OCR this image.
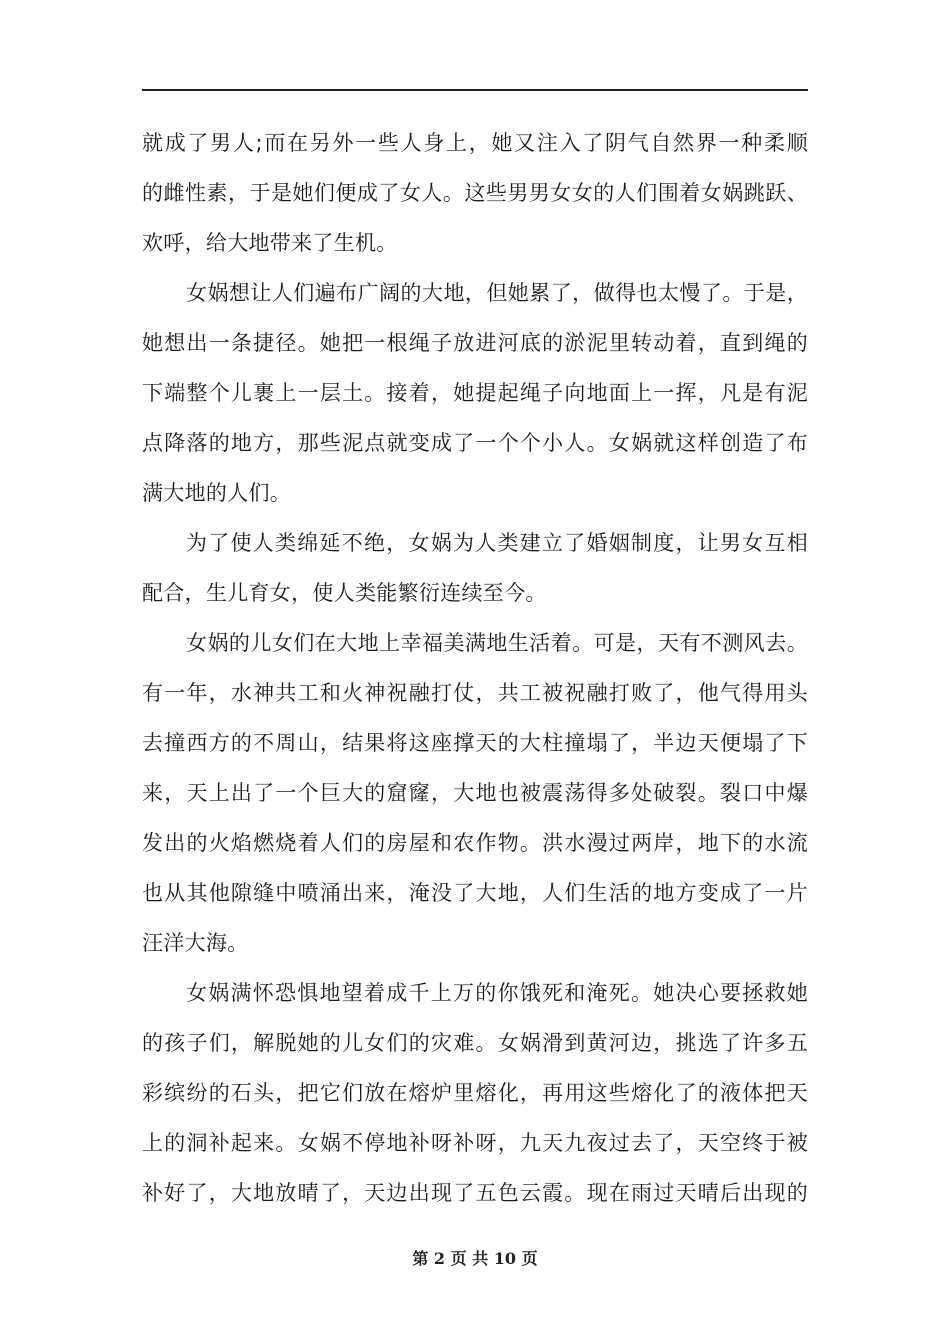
就成了男人;而在另外一些人身上，她又注入了阴气自然界一种柔顺
的雌性素，于是她们便成了女人。这些男男女女的人们围着女娲跳跃、
欢呼，给大地带来了生机。
女娲想让人们遍布广阔的大地，但她累了，做得也太慢了。于是，
她想出一条捷径。她把一根绳子放进河底的淤泥里转动着，直到绳的
下端整个儿裹上一层土。接着，她提起绳子向地面上一挥，凡是有泥
点降落的地方，那些泥点就变成了一个个小人。女娲就这样创造了布
满大地的人们。
为了使人类绵延不绝，女娲为人类建立了婚姻制度，让男女互相
配合，生儿育女，使人类能繁衍连续至今。
女娲的儿女们在大地上幸福美满地生活着。可是，天有不测风去。
有一年，水神共工和火神祝融打仗，共工被祝融打败了，他气得用头
去撞西方的不周山，结果将这座撑天的大柱撞塌了，半边天便塌了下
来，天上出了一个巨大的窟窿，大地也被震荡得多处破裂。裂口中爆
发出的火焰燃烧着人们的房屋和农作物。洪水漫过两岸，地下的水流
也从其他隙缝中喷涌出来，淹没了大地，人们生活的地方变成了一片
汪洋大海。
女娲满怀恐惧地望着成千上万的你饿死和淹死。她决心要拯救她
的孩子们，解脱她的儿女们的灾难。女娲滑到黄河边，挑选了许多五
彩缤纷的石头，把它们放在熔炉里熔化，再用这些熔化了的液体把天
上的洞补起来。女娲不停地补呀补呀，九天九夜过去了，天空终于被
补好了，大地放晴了，天边出现了五色云霞。现在雨过天晴后出现的
第 2 页 共 10 页
